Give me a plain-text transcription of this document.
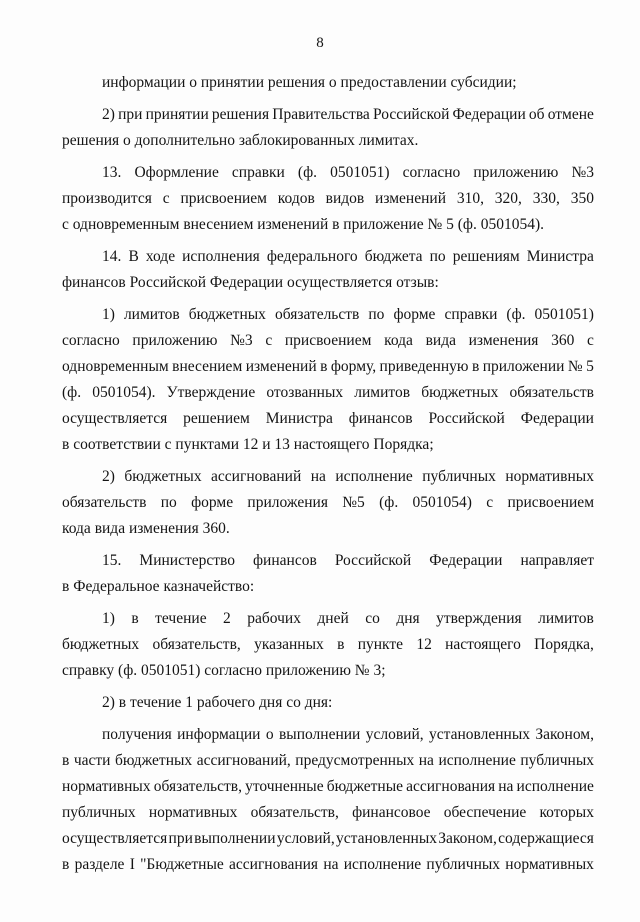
8
информации о принятии решения о предоставлении субсидии;
2) при принятии решения Правительства Российской Федерации об отмене
решения о дополнительно заблокированных лимитах.
13. Оформление справки (ф. 0501051) согласно приложению №3
производится с присвоением кодов видов изменений 310, 320, 330, 350
с одновременным внесением изменений в приложение № 5 (ф. 0501054).
14. В ходе исполнения федерального бюджета по решениям Министра
финансов Российской Федерации осуществляется отзыв:
1) лимитов бюджетных обязательств по форме справки (ф. 0501051)
согласно приложению №3 с присвоением кода вида изменения 360 с
одновременным внесением изменений в форму, приведенную в приложении № 5
(ф. 0501054). Утверждение отозванных лимитов бюджетных обязательств
осуществляется решением Министра финансов Российской Федерации
в соответствии с пунктами 12 и 13 настоящего Порядка;
2) бюджетных ассигнований на исполнение публичных нормативных
обязательств по форме приложения №5 (ф. 0501054) с присвоением
кода вида изменения 360.
15. Министерство финансов Российской Федерации направляет
в Федеральное казначейство:
1) в течение 2 рабочих дней со дня утверждения лимитов
бюджетных обязательств, указанных в пункте 12 настоящего Порядка,
справку (ф. 0501051) согласно приложению № 3;
2) в течение 1 рабочего дня со дня:
получения информации о выполнении условий, установленных Законом,
в части бюджетных ассигнований, предусмотренных на исполнение публичных
нормативных обязательств, уточненные бюджетные ассигнования на исполнение
публичных нормативных обязательств, финансовое обеспечение которых
осуществляется при выполнении условий, установленных Законом, содержащиеся
в разделе I "Бюджетные ассигнования на исполнение публичных нормативных
